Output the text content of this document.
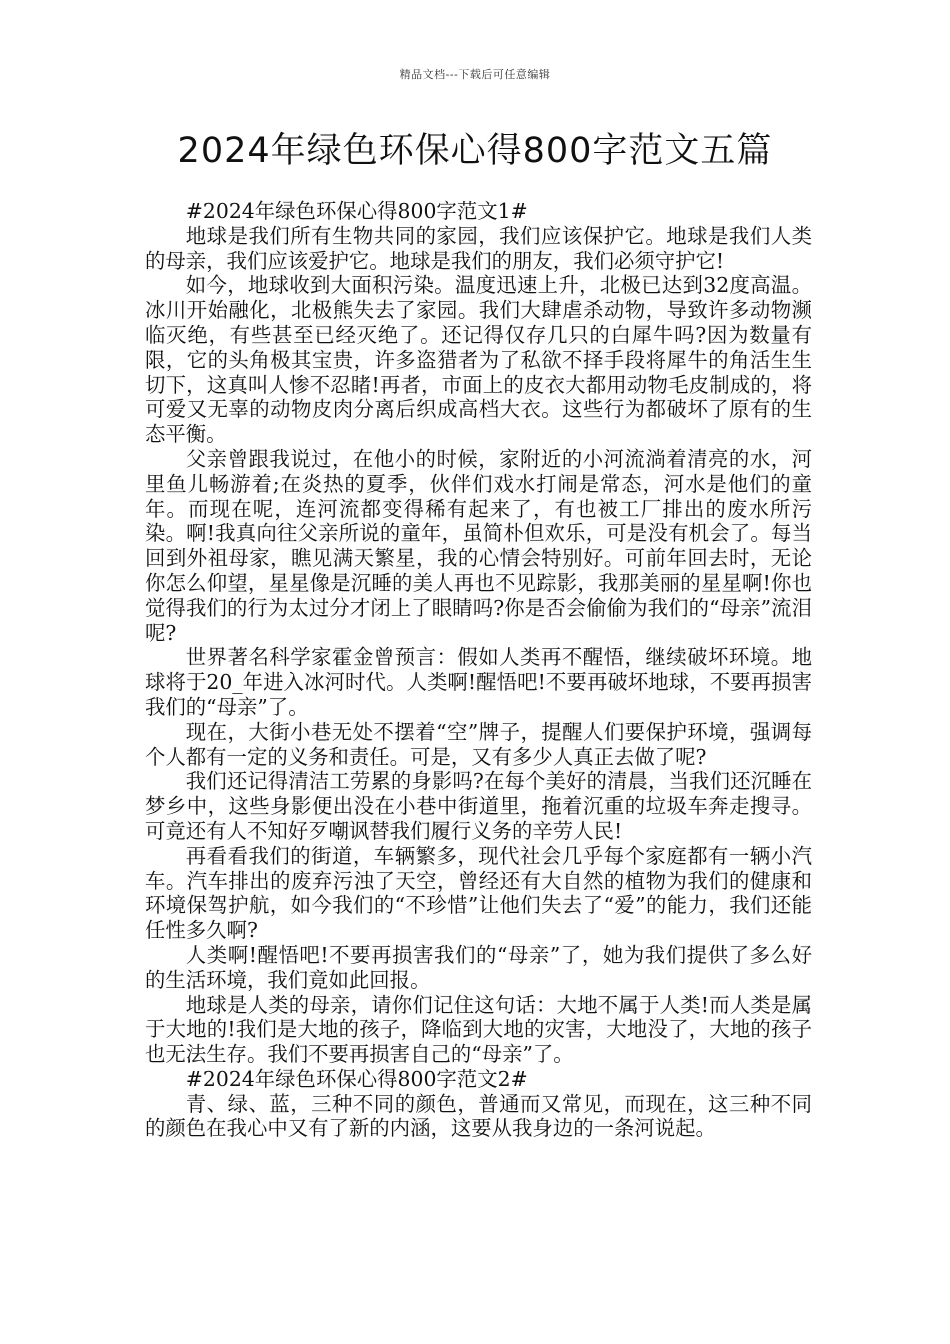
精品文档---下载后可任意编辑
2024年绿色环保心得800字范文五篇

#2024年绿色环保心得800字范文1#

地球是我们所有生物共同的家园，我们应该保护它。地球是我们人类的母亲，我们应该爱护它。地球是我们的朋友，我们必须守护它!

如今，地球收到大面积污染。温度迅速上升，北极已达到32度高温。冰川开始融化，北极熊失去了家园。我们大肆虐杀动物，导致许多动物濒临灭绝，有些甚至已经灭绝了。还记得仅存几只的白犀牛吗?因为数量有限，它的头角极其宝贵，许多盗猎者为了私欲不择手段将犀牛的角活生生切下，这真叫人惨不忍睹!再者，市面上的皮衣大都用动物毛皮制成的，将可爱又无辜的动物皮肉分离后织成高档大衣。这些行为都破坏了原有的生态平衡。

父亲曾跟我说过，在他小的时候，家附近的小河流淌着清亮的水，河里鱼儿畅游着;在炎热的夏季，伙伴们戏水打闹是常态，河水是他们的童年。而现在呢，连河流都变得稀有起来了，有也被工厂排出的废水所污染。啊!我真向往父亲所说的童年，虽简朴但欢乐，可是没有机会了。每当回到外祖母家，瞧见满天繁星，我的心情会特别好。可前年回去时，无论你怎么仰望，星星像是沉睡的美人再也不见踪影，我那美丽的星星啊!你也觉得我们的行为太过分才闭上了眼睛吗?你是否会偷偷为我们的“母亲”流泪呢?

世界著名科学家霍金曾预言：假如人类再不醒悟，继续破坏环境。地球将于20_年进入冰河时代。人类啊!醒悟吧!不要再破坏地球，不要再损害我们的“母亲”了。

现在，大街小巷无处不摆着“空”牌子，提醒人们要保护环境，强调每个人都有一定的义务和责任。可是，又有多少人真正去做了呢?

我们还记得清洁工劳累的身影吗?在每个美好的清晨，当我们还沉睡在梦乡中，这些身影便出没在小巷中街道里，拖着沉重的垃圾车奔走搜寻。可竟还有人不知好歹嘲讽替我们履行义务的辛劳人民!

再看看我们的街道，车辆繁多，现代社会几乎每个家庭都有一辆小汽车。汽车排出的废弃污浊了天空，曾经还有大自然的植物为我们的健康和环境保驾护航，如今我们的“不珍惜”让他们失去了“爱”的能力，我们还能任性多久啊?

人类啊!醒悟吧!不要再损害我们的“母亲”了，她为我们提供了多么好的生活环境，我们竟如此回报。

地球是人类的母亲，请你们记住这句话：大地不属于人类!而人类是属于大地的!我们是大地的孩子，降临到大地的灾害，大地没了，大地的孩子也无法生存。我们不要再损害自己的“母亲”了。

#2024年绿色环保心得800字范文2#

青、绿、蓝，三种不同的颜色，普通而又常见，而现在，这三种不同的颜色在我心中又有了新的内涵，这要从我身边的一条河说起。
